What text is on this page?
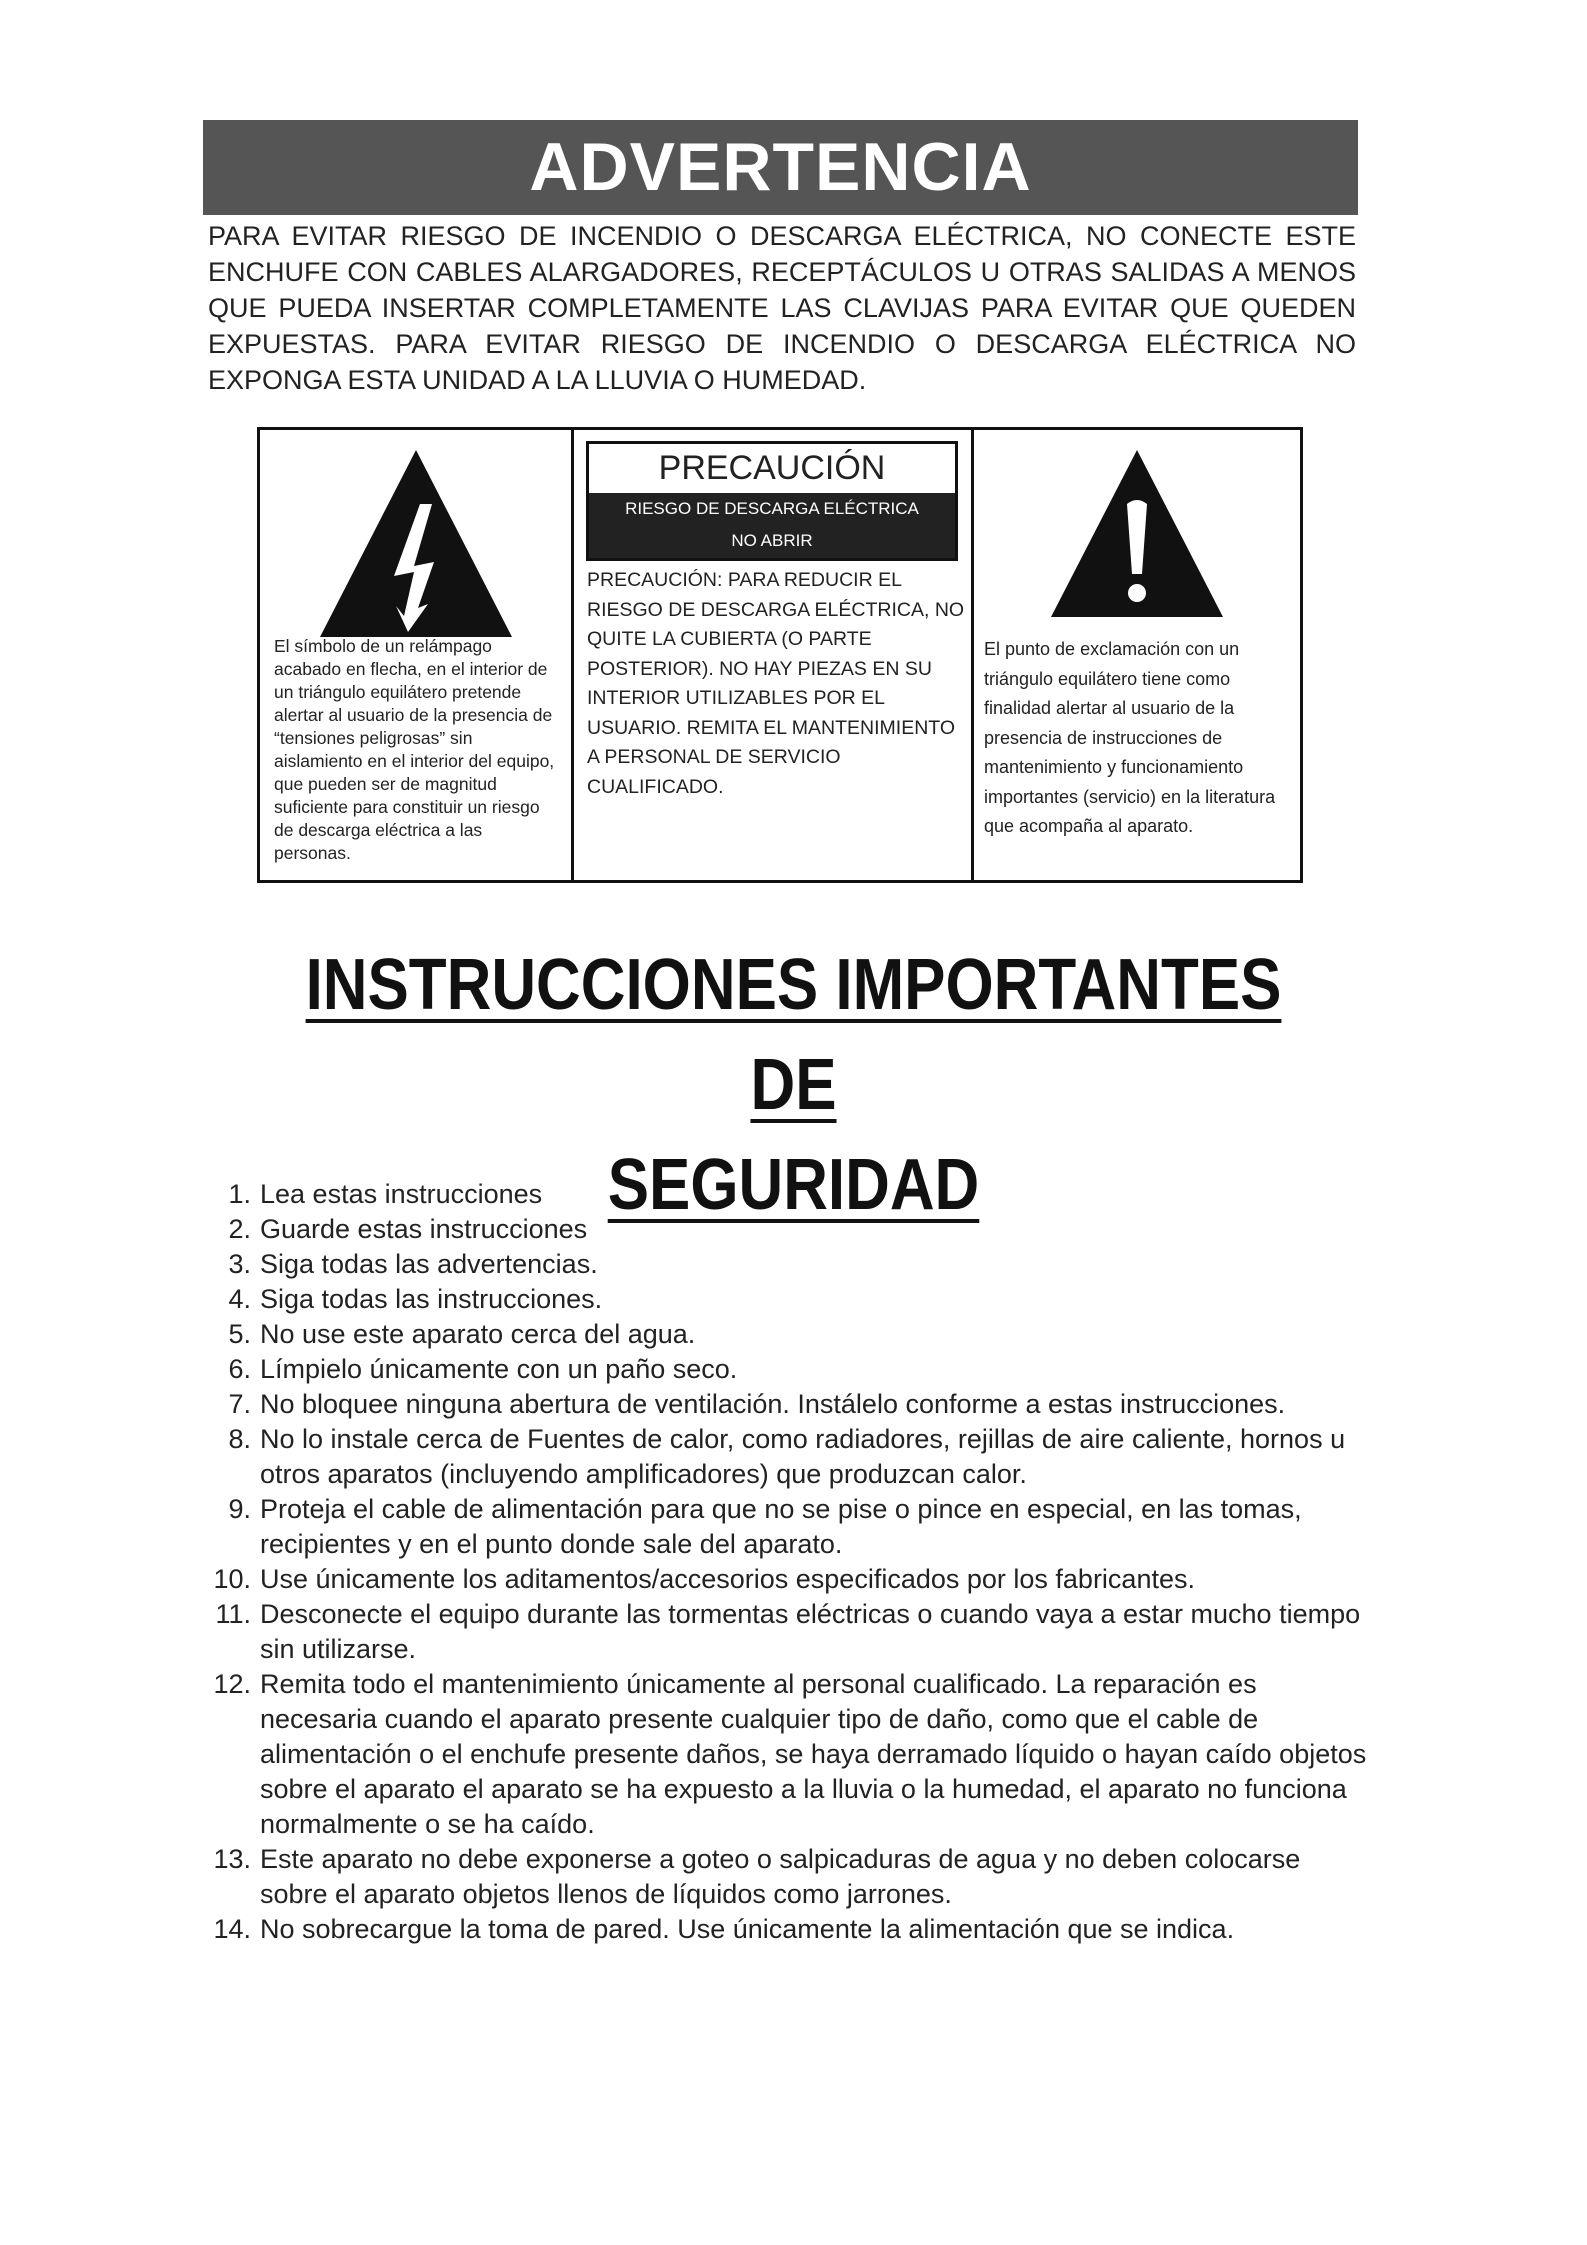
ADVERTENCIA
PARA EVITAR RIESGO DE INCENDIO O DESCARGA ELÉCTRICA, NO CONECTE ESTE ENCHUFE CON CABLES ALARGADORES, RECEPTÁCULOS U OTRAS SALIDAS A MENOS QUE PUEDA INSERTAR COMPLETAMENTE LAS CLAVIJAS PARA EVITAR QUE QUEDEN EXPUESTAS. PARA EVITAR RIESGO DE INCENDIO O DESCARGA ELÉCTRICA NO EXPONGA ESTA UNIDAD A LA LLUVIA O HUMEDAD.
El símbolo de un relámpago acabado en flecha, en el interior de un triángulo equilátero pretende alertar al usuario de la presencia de “tensiones peligrosas” sin aislamiento en el interior del equipo, que pueden ser de magnitud suficiente para constituir un riesgo de descarga eléctrica a las personas.
PRECAUCIÓN
RIESGO DE DESCARGA ELÉCTRICA
NO ABRIR
PRECAUCIÓN: PARA REDUCIR EL RIESGO DE DESCARGA ELÉCTRICA, NO QUITE LA CUBIERTA (O PARTE POSTERIOR). NO HAY PIEZAS EN SU INTERIOR UTILIZABLES POR EL USUARIO. REMITA EL MANTENIMIENTO A PERSONAL DE SERVICIO CUALIFICADO.
El punto de exclamación con un triángulo equilátero tiene como finalidad alertar al usuario de la presencia de instrucciones de mantenimiento y funcionamiento importantes (servicio) en la literatura que acompaña al aparato.
INSTRUCCIONES IMPORTANTES DE
SEGURIDAD
1. Lea estas instrucciones
2. Guarde estas instrucciones
3. Siga todas las advertencias.
4. Siga todas las instrucciones.
5. No use este aparato cerca del agua.
6. Límpielo únicamente con un paño seco.
7. No bloquee ninguna abertura de ventilación. Instálelo conforme a estas instrucciones.
8. No lo instale cerca de Fuentes de calor, como radiadores, rejillas de aire caliente, hornos u otros aparatos (incluyendo amplificadores) que produzcan calor.
9. Proteja el cable de alimentación para que no se pise o pince en especial, en las tomas, recipientes y en el punto donde sale del aparato.
10. Use únicamente los aditamentos/accesorios especificados por los fabricantes.
11. Desconecte el equipo durante las tormentas eléctricas o cuando vaya a estar mucho tiempo sin utilizarse.
12. Remita todo el mantenimiento únicamente al personal cualificado. La reparación es necesaria cuando el aparato presente cualquier tipo de daño, como que el cable de alimentación o el enchufe presente daños, se haya derramado líquido o hayan caído objetos sobre el aparato el aparato se ha expuesto a la lluvia o la humedad, el aparato no funciona normalmente o se ha caído.
13. Este aparato no debe exponerse a goteo o salpicaduras de agua y no deben colocarse sobre el aparato objetos llenos de líquidos como jarrones.
14. No sobrecargue la toma de pared. Use únicamente la alimentación que se indica.
